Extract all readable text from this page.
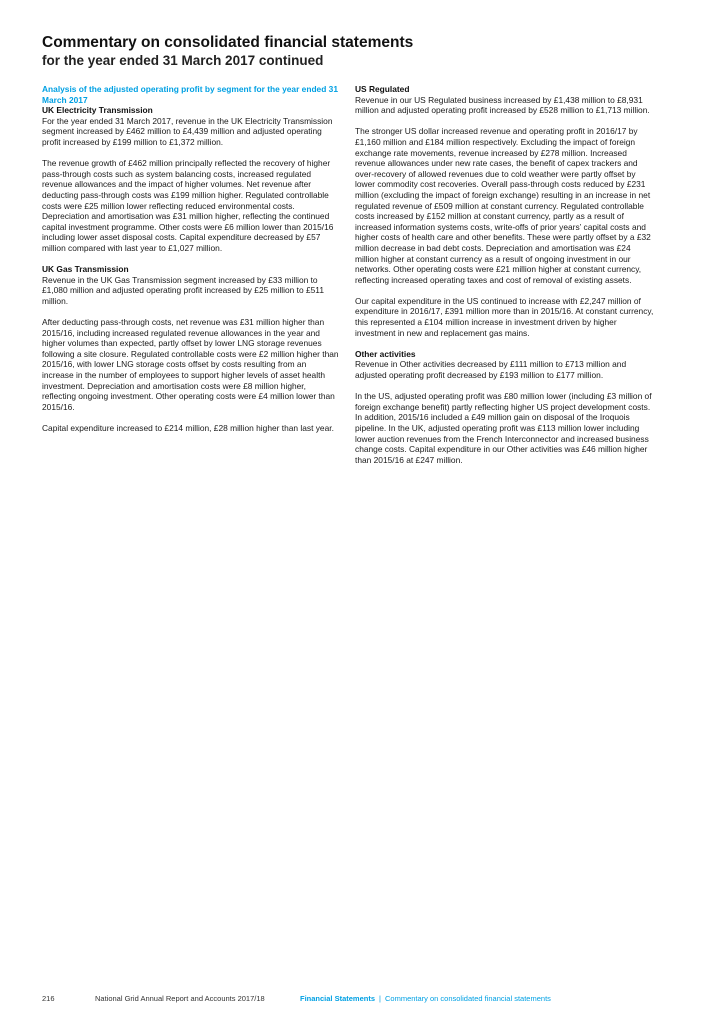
Commentary on consolidated financial statements
for the year ended 31 March 2017 continued
Analysis of the adjusted operating profit by segment for the year ended 31 March 2017
UK Electricity Transmission

For the year ended 31 March 2017, revenue in the UK Electricity Transmission segment increased by £462 million to £4,439 million and adjusted operating profit increased by £199 million to £1,372 million.

The revenue growth of £462 million principally reflected the recovery of higher pass-through costs such as system balancing costs, increased regulated revenue allowances and the impact of higher volumes. Net revenue after deducting pass-through costs was £199 million higher. Regulated controllable costs were £25 million lower reflecting reduced environmental costs. Depreciation and amortisation was £31 million higher, reflecting the continued capital investment programme. Other costs were £6 million lower than 2015/16 including lower asset disposal costs. Capital expenditure decreased by £57 million compared with last year to £1,027 million.

UK Gas Transmission

Revenue in the UK Gas Transmission segment increased by £33 million to £1,080 million and adjusted operating profit increased by £25 million to £511 million.

After deducting pass-through costs, net revenue was £31 million higher than 2015/16, including increased regulated revenue allowances in the year and higher volumes than expected, partly offset by lower LNG storage revenues following a site closure. Regulated controllable costs were £2 million higher than 2015/16, with lower LNG storage costs offset by costs resulting from an increase in the number of employees to support higher levels of asset health investment. Depreciation and amortisation costs were £8 million higher, reflecting ongoing investment. Other operating costs were £4 million lower than 2015/16.

Capital expenditure increased to £214 million, £28 million higher than last year.

US Regulated

Revenue in our US Regulated business increased by £1,438 million to £8,931 million and adjusted operating profit increased by £528 million to £1,713 million.

The stronger US dollar increased revenue and operating profit in 2016/17 by £1,160 million and £184 million respectively. Excluding the impact of foreign exchange rate movements, revenue increased by £278 million. Increased revenue allowances under new rate cases, the benefit of capex trackers and over-recovery of allowed revenues due to cold weather were partly offset by lower commodity cost recoveries. Overall pass-through costs reduced by £231 million (excluding the impact of foreign exchange) resulting in an increase in net regulated revenue of £509 million at constant currency. Regulated controllable costs increased by £152 million at constant currency, partly as a result of increased information systems costs, write-offs of prior years’ capital costs and higher costs of health care and other benefits. These were partly offset by a £32 million decrease in bad debt costs. Depreciation and amortisation was £24 million higher at constant currency as a result of ongoing investment in our networks. Other operating costs were £21 million higher at constant currency, reflecting increased operating taxes and cost of removal of existing assets.

Our capital expenditure in the US continued to increase with £2,247 million of expenditure in 2016/17, £391 million more than in 2015/16. At constant currency, this represented a £104 million increase in investment driven by higher investment in new and replacement gas mains.

Other activities

Revenue in Other activities decreased by £111 million to £713 million and adjusted operating profit decreased by £193 million to £177 million.

In the US, adjusted operating profit was £80 million lower (including £3 million of foreign exchange benefit) partly reflecting higher US project development costs. In addition, 2015/16 included a £49 million gain on disposal of the Iroquois pipeline. In the UK, adjusted operating profit was £113 million lower including lower auction revenues from the French Interconnector and increased business change costs. Capital expenditure in our Other activities was £46 million higher than 2015/16 at £247 million.

216	National Grid Annual Report and Accounts 2017/18	Financial Statements | Commentary on consolidated financial statements
